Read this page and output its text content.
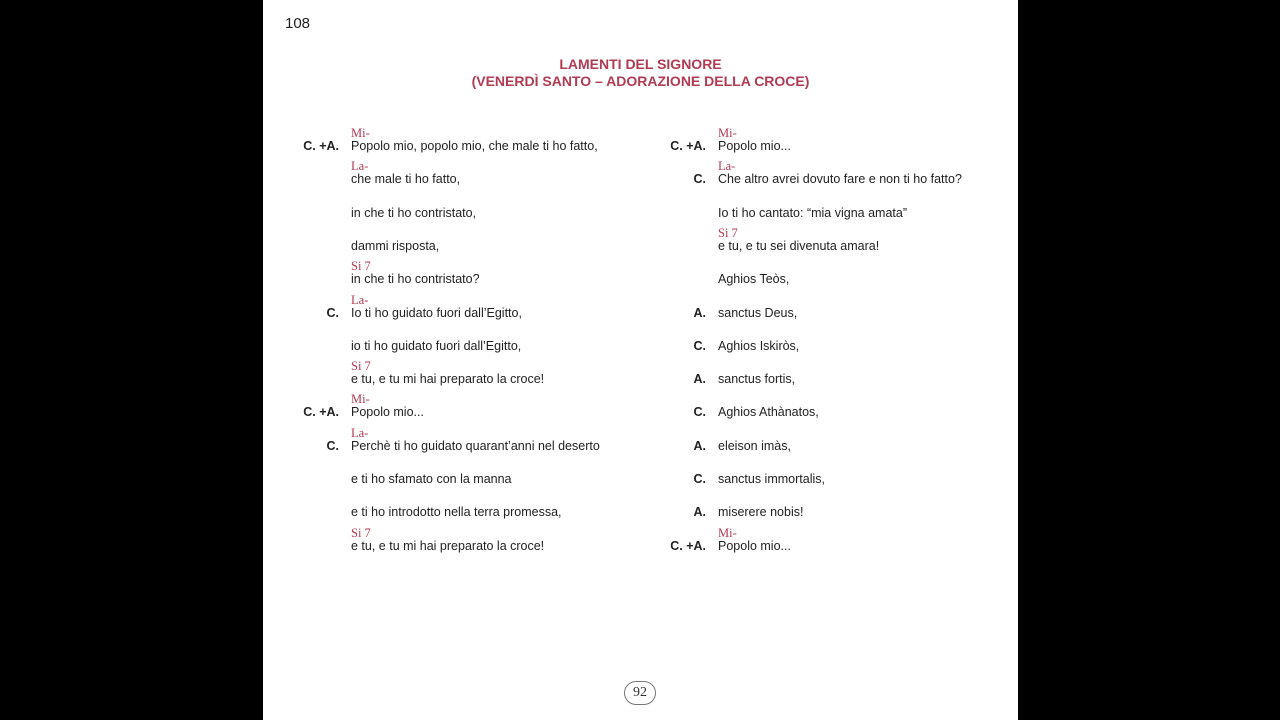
108
LAMENTI DEL SIGNORE
(VENERDÌ SANTO – ADORAZIONE DELLA CROCE)
C. +A.
Mi-
Popolo mio, popolo mio, che male ti ho fatto,
La-
che male ti ho fatto,
in che ti ho contristato,
dammi risposta,
Si 7
in che ti ho contristato?
C.
La-
Io ti ho guidato fuori dall’Egitto,
io ti ho guidato fuori dall’Egitto,
Si 7
e tu, e tu mi hai preparato la croce!
C. +A.
Mi-
Popolo mio...
C.
La-
Perchè ti ho guidato quarant’anni nel deserto
e ti ho sfamato con la manna
e ti ho introdotto nella terra promessa,
Si 7
e tu, e tu mi hai preparato la croce!
C. +A.
Mi-
Popolo mio...
C.
La-
Che altro avrei dovuto fare e non ti ho fatto?
Io ti ho cantato: “mia vigna amata”
Si 7
e tu, e tu sei divenuta amara!
Aghios Teòs,
A. sanctus Deus,
C. Aghios Iskiròs,
A. sanctus fortis,
C. Aghios Athànatos,
A. eleison imàs,
C. sanctus immortalis,
A. miserere nobis!
C. +A.
Mi-
Popolo mio...
92
